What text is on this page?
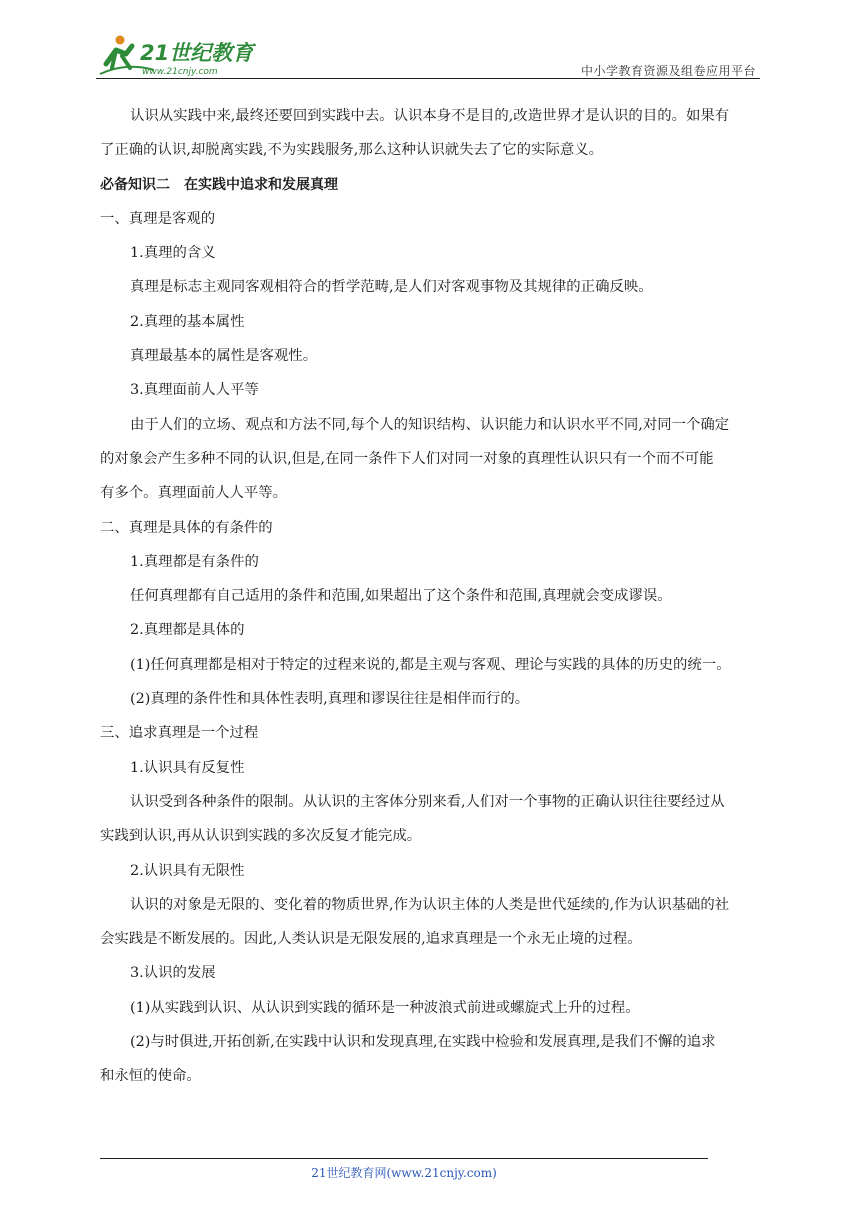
21世纪教育
www.21cnjy.com	中小学教育资源及组卷应用平台
认识从实践中来,最终还要回到实践中去。认识本身不是目的,改造世界才是认识的目的。如果有
了正确的认识,却脱离实践,不为实践服务,那么这种认识就失去了它的实际意义。
必备知识二　在实践中追求和发展真理
一、真理是客观的
1.真理的含义
真理是标志主观同客观相符合的哲学范畴,是人们对客观事物及其规律的正确反映。
2.真理的基本属性
真理最基本的属性是客观性。
3.真理面前人人平等
由于人们的立场、观点和方法不同,每个人的知识结构、认识能力和认识水平不同,对同一个确定
的对象会产生多种不同的认识,但是,在同一条件下人们对同一对象的真理性认识只有一个而不可能
有多个。真理面前人人平等。
二、真理是具体的有条件的
1.真理都是有条件的
任何真理都有自己适用的条件和范围,如果超出了这个条件和范围,真理就会变成谬误。
2.真理都是具体的
(1)任何真理都是相对于特定的过程来说的,都是主观与客观、理论与实践的具体的历史的统一。
(2)真理的条件性和具体性表明,真理和谬误往往是相伴而行的。
三、追求真理是一个过程
1.认识具有反复性
认识受到各种条件的限制。从认识的主客体分别来看,人们对一个事物的正确认识往往要经过从
实践到认识,再从认识到实践的多次反复才能完成。
2.认识具有无限性
认识的对象是无限的、变化着的物质世界,作为认识主体的人类是世代延续的,作为认识基础的社
会实践是不断发展的。因此,人类认识是无限发展的,追求真理是一个永无止境的过程。
3.认识的发展
(1)从实践到认识、从认识到实践的循环是一种波浪式前进或螺旋式上升的过程。
(2)与时俱进,开拓创新,在实践中认识和发现真理,在实践中检验和发展真理,是我们不懈的追求
和永恒的使命。
21世纪教育网(www.21cnjy.com)
